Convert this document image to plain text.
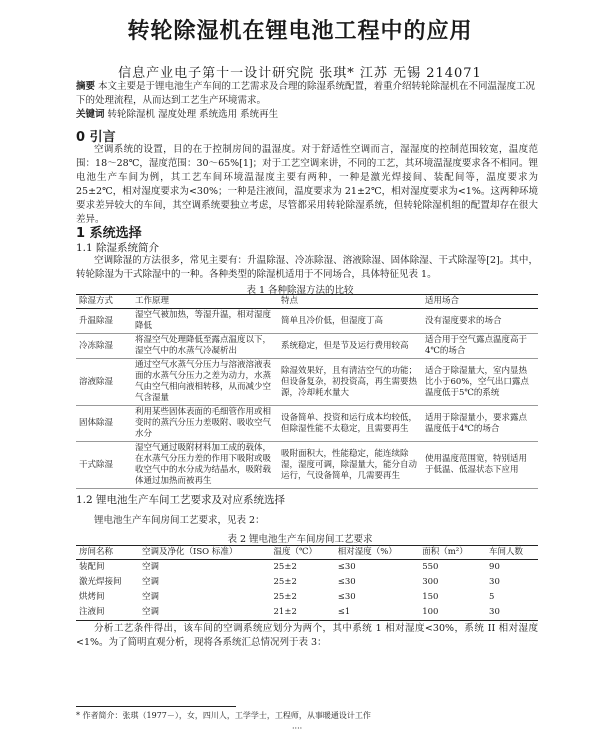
转轮除湿机在锂电池工程中的应用
信息产业电子第十一设计研究院 张琪* 江苏 无锡 214071
摘要 本文主要是于锂电池生产车间的工艺需求及合理的除湿系统配置，着重介绍转轮除湿机在不同温湿度工况下的处理流程，从而达到工艺生产环境需求。
关键词 转轮除湿机 湿度处理 系统选用 系统再生
0 引言
空调系统的设置，目的在于控制房间的温湿度。对于舒适性空调而言，湿湿度的控制范围较宽，温度范围：18～28℃，湿度范围：30～65%[1]；对于工艺空调来讲，不同的工艺，其环境温湿度要求各不相同。锂电池生产车间为例，其工艺车间环境温湿度主要有两种，一种是激光焊接间、装配间等，温度要求为 25±2℃，相对湿度要求为<30%；一种是注液间，温度要求为 21±2℃，相对湿度要求为<1%。这两种环境要求差异较大的车间，其空调系统要独立考虑，尽管都采用转轮除湿系统，但转轮除湿机组的配置却存在很大差异。
1 系统选择
1.1 除湿系统简介
空调除湿的方法很多，常见主要有：升温除湿、冷冻除湿、溶液除湿、固体除湿、干式除湿等[2]。其中，转轮除湿为干式除湿中的一种。各种类型的除湿机适用于不同场合，具体特征见表 1。
表 1 各种除湿方法的比较
除湿方式	工作原理	特点	适用场合
升温除湿	湿空气被加热，等湿升温，相对湿度降低	简单且冷价低，但湿度丁高	没有湿度要求的场合
冷冻除湿	将湿空气处理降低至露点温度以下，湿空气中的水蒸气冷凝析出	系统稳定，但是节及运行费用较高	适合用于空气露点温度高于4℃的场合
溶液除湿	通过空气水蒸气分压力与溶液溶液表面的水蒸气分压力之差为动力，水蒸气由空气相向液相转移，从而减少空气含湿量	除湿效果好，且有清洁空气的功能；但设备复杂，初投资高，再生需要热源，冷却耗水量大	适合于除湿量大，室内显热比小于60%，空气出口露点温度低于5℃的系统
固体除湿	利用某些固体表面的毛细管作用或相变时的蒸汽分压力差吸附、吸收空气水分	设备简单、投资和运行成本均较低，但除湿性能不太稳定，且需要再生	适用于除湿量小，要求露点温度低于4℃的场合
干式除湿	湿空气通过吸附材料加工成的载体，在水蒸气分压力差的作用下吸附或吸收空气中的水分成为结晶水，吸附载体通过加热而被再生	吸附面积大，性能稳定，能连续除湿，湿度可调，除湿量大，能分自动运行，气设备简单，几需要再生	使用温度范围宽，特别适用于低温、低湿状态下应用
1.2 锂电池生产车间工艺要求及对应系统选择
锂电池生产车间房间工艺要求，见表 2：
表 2 锂电池生产车间房间工艺要求
房间名称	空调及净化（ISO 标准）	温度（℃）	相对湿度（%）	面积（m²）	车间人数
装配间	空调	25±2	≤30	550	90
激光焊接间	空调	25±2	≤30	300	30
烘烤间	空调	25±2	≤30	150	5
注液间	空调	21±2	≤1	100	30
分析工艺条件得出，该车间的空调系统应划分为两个，其中系统 1 相对湿度<30%，系统 II 相对湿度<1%。为了简明直观分析，现将各系统汇总情况列于表 3：
* 作者简介：张琪（1977－），女，四川人，工学学士，工程师，从事暖通设计工作
····
